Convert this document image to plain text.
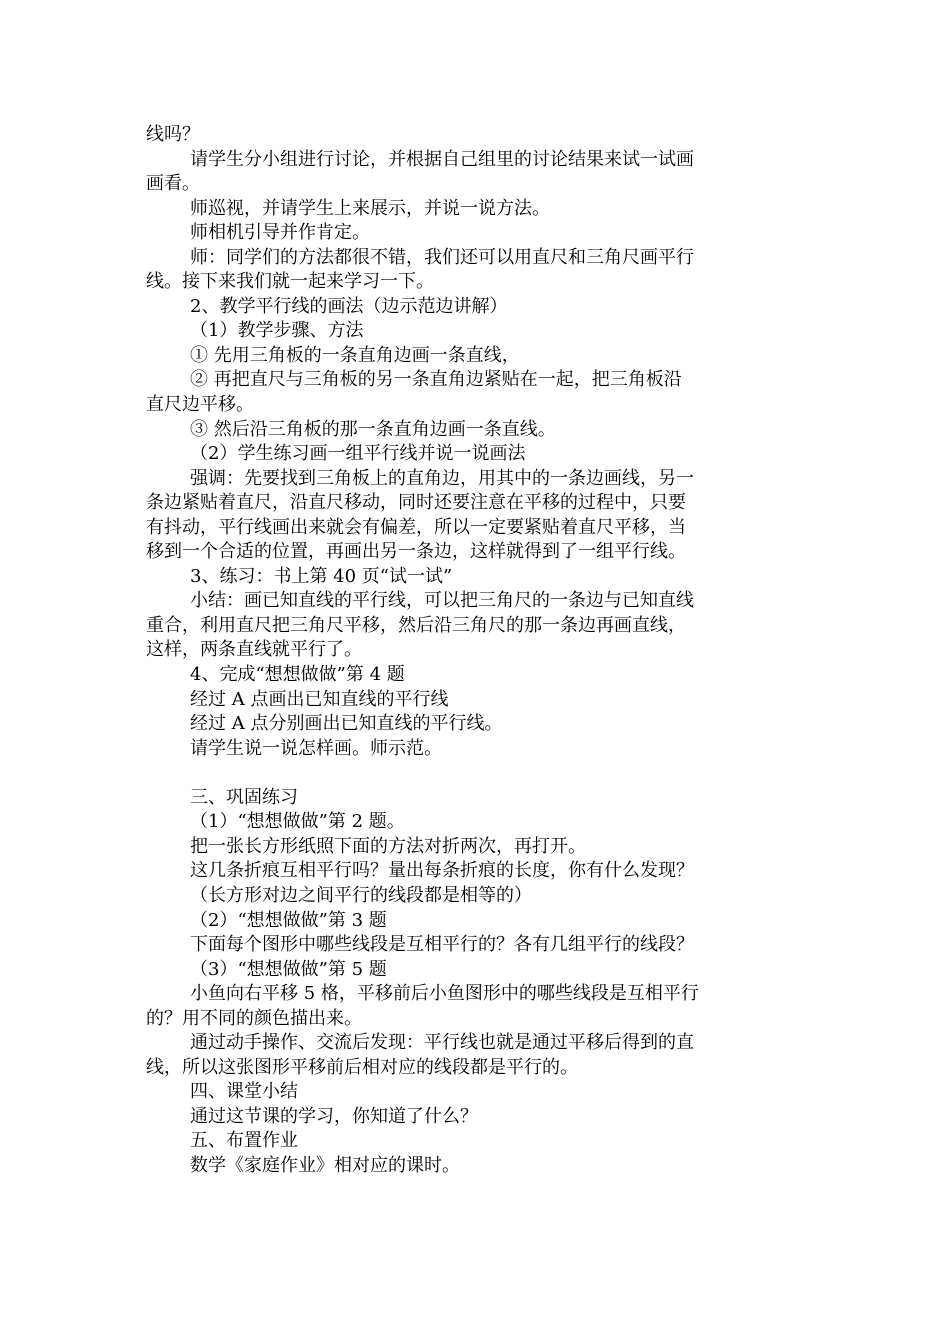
线吗？
请学生分小组进行讨论，并根据自己组里的讨论结果来试一试画
画看。
师巡视，并请学生上来展示，并说一说方法。
师相机引导并作肯定。
师：同学们的方法都很不错，我们还可以用直尺和三角尺画平行
线。接下来我们就一起来学习一下。
2、教学平行线的画法（边示范边讲解）
（1）教学步骤、方法
① 先用三角板的一条直角边画一条直线，
② 再把直尺与三角板的另一条直角边紧贴在一起，把三角板沿
直尺边平移。
③ 然后沿三角板的那一条直角边画一条直线。
（2）学生练习画一组平行线并说一说画法
强调：先要找到三角板上的直角边，用其中的一条边画线，另一
条边紧贴着直尺，沿直尺移动，同时还要注意在平移的过程中，只要
有抖动，平行线画出来就会有偏差，所以一定要紧贴着直尺平移，当
移到一个合适的位置，再画出另一条边，这样就得到了一组平行线。
3、练习：书上第 40 页“试一试”
小结：画已知直线的平行线，可以把三角尺的一条边与已知直线
重合，利用直尺把三角尺平移，然后沿三角尺的那一条边再画直线，
这样，两条直线就平行了。
4、完成“想想做做”第 4 题
经过 A 点画出已知直线的平行线
经过 A 点分别画出已知直线的平行线。
请学生说一说怎样画。师示范。
三、巩固练习
（1）“想想做做”第 2 题。
把一张长方形纸照下面的方法对折两次，再打开。
这几条折痕互相平行吗？量出每条折痕的长度，你有什么发现？
（长方形对边之间平行的线段都是相等的）
（2）“想想做做”第 3 题
下面每个图形中哪些线段是互相平行的？各有几组平行的线段？
（3）“想想做做”第 5 题
小鱼向右平移 5 格，平移前后小鱼图形中的哪些线段是互相平行
的？用不同的颜色描出来。
通过动手操作、交流后发现：平行线也就是通过平移后得到的直
线，所以这张图形平移前后相对应的线段都是平行的。
四、课堂小结
通过这节课的学习，你知道了什么？
五、布置作业
数学《家庭作业》相对应的课时。
